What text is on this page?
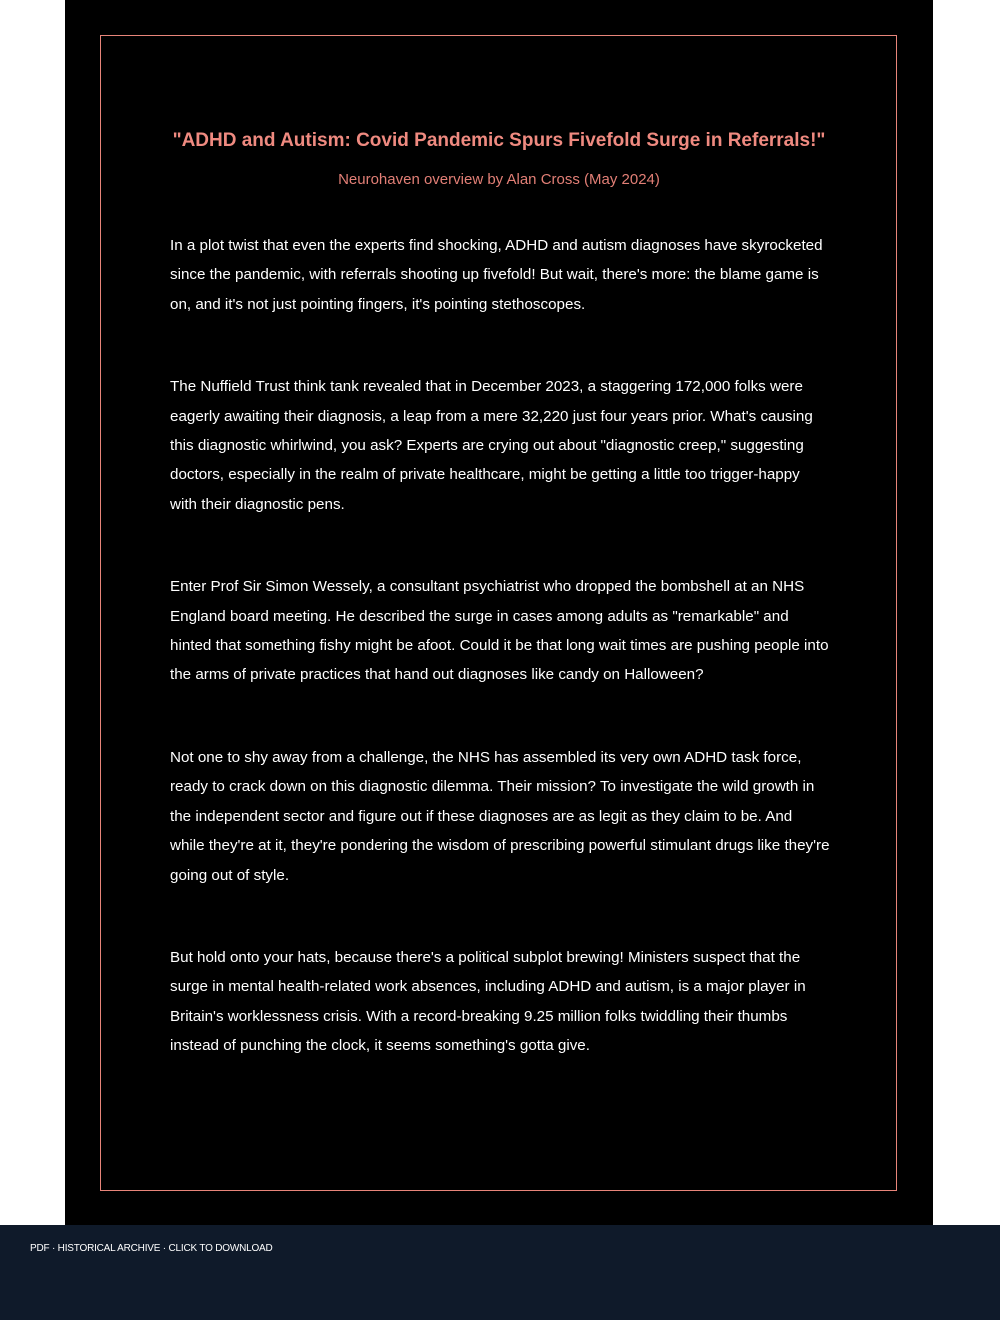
"ADHD and Autism: Covid Pandemic Spurs Fivefold Surge in Referrals!"
Neurohaven overview by Alan Cross (May 2024)

In a plot twist that even the experts find shocking, ADHD and autism diagnoses have skyrocketed since the pandemic, with referrals shooting up fivefold! But wait, there's more: the blame game is on, and it's not just pointing fingers, it's pointing stethoscopes.

The Nuffield Trust think tank revealed that in December 2023, a staggering 172,000 folks were eagerly awaiting their diagnosis, a leap from a mere 32,220 just four years prior. What's causing this diagnostic whirlwind, you ask? Experts are crying out about "diagnostic creep," suggesting doctors, especially in the realm of private healthcare, might be getting a little too trigger-happy with their diagnostic pens.

Enter Prof Sir Simon Wessely, a consultant psychiatrist who dropped the bombshell at an NHS England board meeting. He described the surge in cases among adults as "remarkable" and hinted that something fishy might be afoot. Could it be that long wait times are pushing people into the arms of private practices that hand out diagnoses like candy on Halloween?

Not one to shy away from a challenge, the NHS has assembled its very own ADHD task force, ready to crack down on this diagnostic dilemma. Their mission? To investigate the wild growth in the independent sector and figure out if these diagnoses are as legit as they claim to be. And while they're at it, they're pondering the wisdom of prescribing powerful stimulant drugs like they're going out of style.

But hold onto your hats, because there's a political subplot brewing! Ministers suspect that the surge in mental health-related work absences, including ADHD and autism, is a major player in Britain's worklessness crisis. With a record-breaking 9.25 million folks twiddling their thumbs instead of punching the clock, it seems something's gotta give.

PDF · HISTORICAL ARCHIVE · CLICK TO DOWNLOAD
